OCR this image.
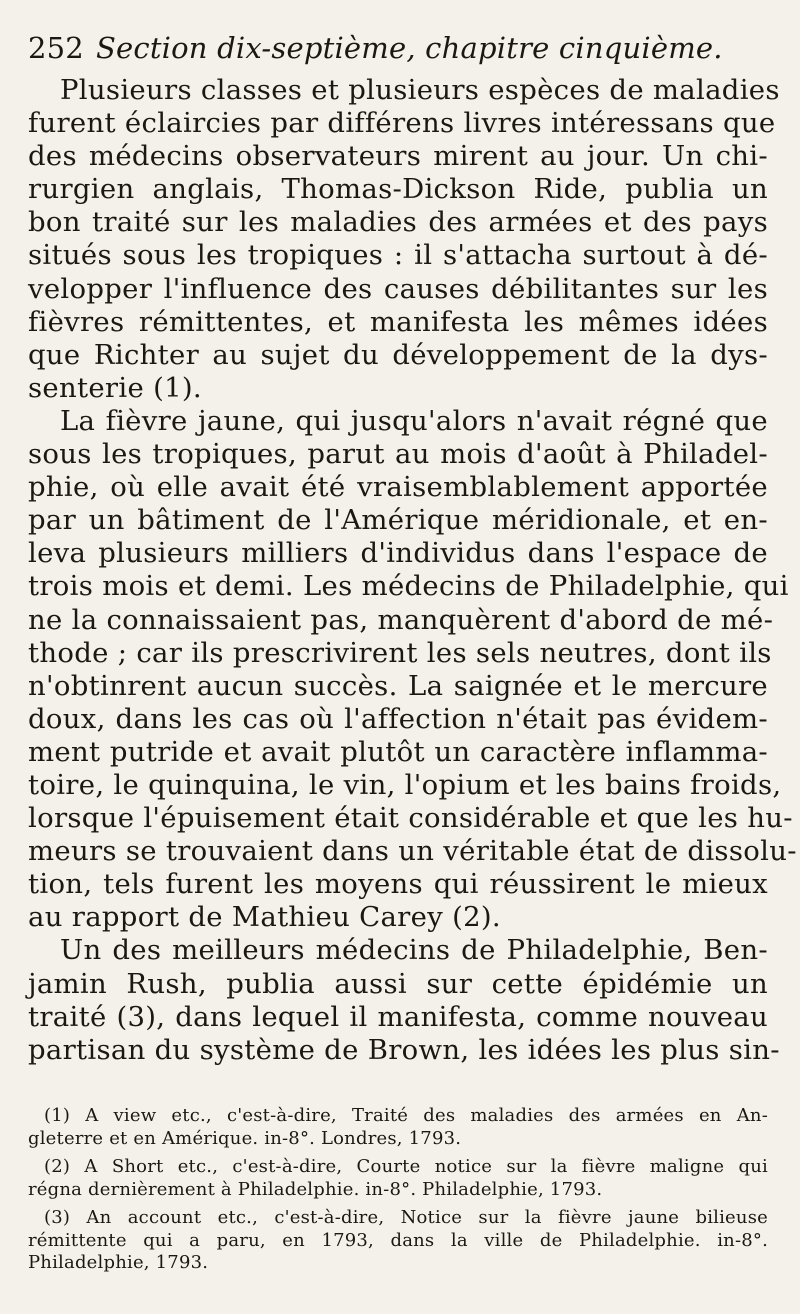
252 Section dix-septième, chapitre cinquième.
Plusieurs classes et plusieurs espèces de maladies
furent éclaircies par différens livres intéressans que
des médecins observateurs mirent au jour. Un chi-
rurgien anglais, Thomas-Dickson Ride, publia un
bon traité sur les maladies des armées et des pays
situés sous les tropiques : il s'attacha surtout à dé-
velopper l'influence des causes débilitantes sur les
fièvres rémittentes, et manifesta les mêmes idées
que Richter au sujet du développement de la dys-
senterie (1).
La fièvre jaune, qui jusqu'alors n'avait régné que
sous les tropiques, parut au mois d'août à Philadel-
phie, où elle avait été vraisemblablement apportée
par un bâtiment de l'Amérique méridionale, et en-
leva plusieurs milliers d'individus dans l'espace de
trois mois et demi. Les médecins de Philadelphie, qui
ne la connaissaient pas, manquèrent d'abord de mé-
thode ; car ils prescrivirent les sels neutres, dont ils
n'obtinrent aucun succès. La saignée et le mercure
doux, dans les cas où l'affection n'était pas évidem-
ment putride et avait plutôt un caractère inflamma-
toire, le quinquina, le vin, l'opium et les bains froids,
lorsque l'épuisement était considérable et que les hu-
meurs se trouvaient dans un véritable état de dissolu-
tion, tels furent les moyens qui réussirent le mieux
au rapport de Mathieu Carey (2).
Un des meilleurs médecins de Philadelphie, Ben-
jamin Rush, publia aussi sur cette épidémie un
traité (3), dans lequel il manifesta, comme nouveau
partisan du système de Brown, les idées les plus sin-
(1) A view etc., c'est-à-dire, Traité des maladies des armées en An-
gleterre et en Amérique. in-8°. Londres, 1793.
(2) A Short etc., c'est-à-dire, Courte notice sur la fièvre maligne qui
régna dernièrement à Philadelphie. in-8°. Philadelphie, 1793.
(3) An account etc., c'est-à-dire, Notice sur la fièvre jaune bilieuse
rémittente qui a paru, en 1793, dans la ville de Philadelphie. in-8°.
Philadelphie, 1793.
